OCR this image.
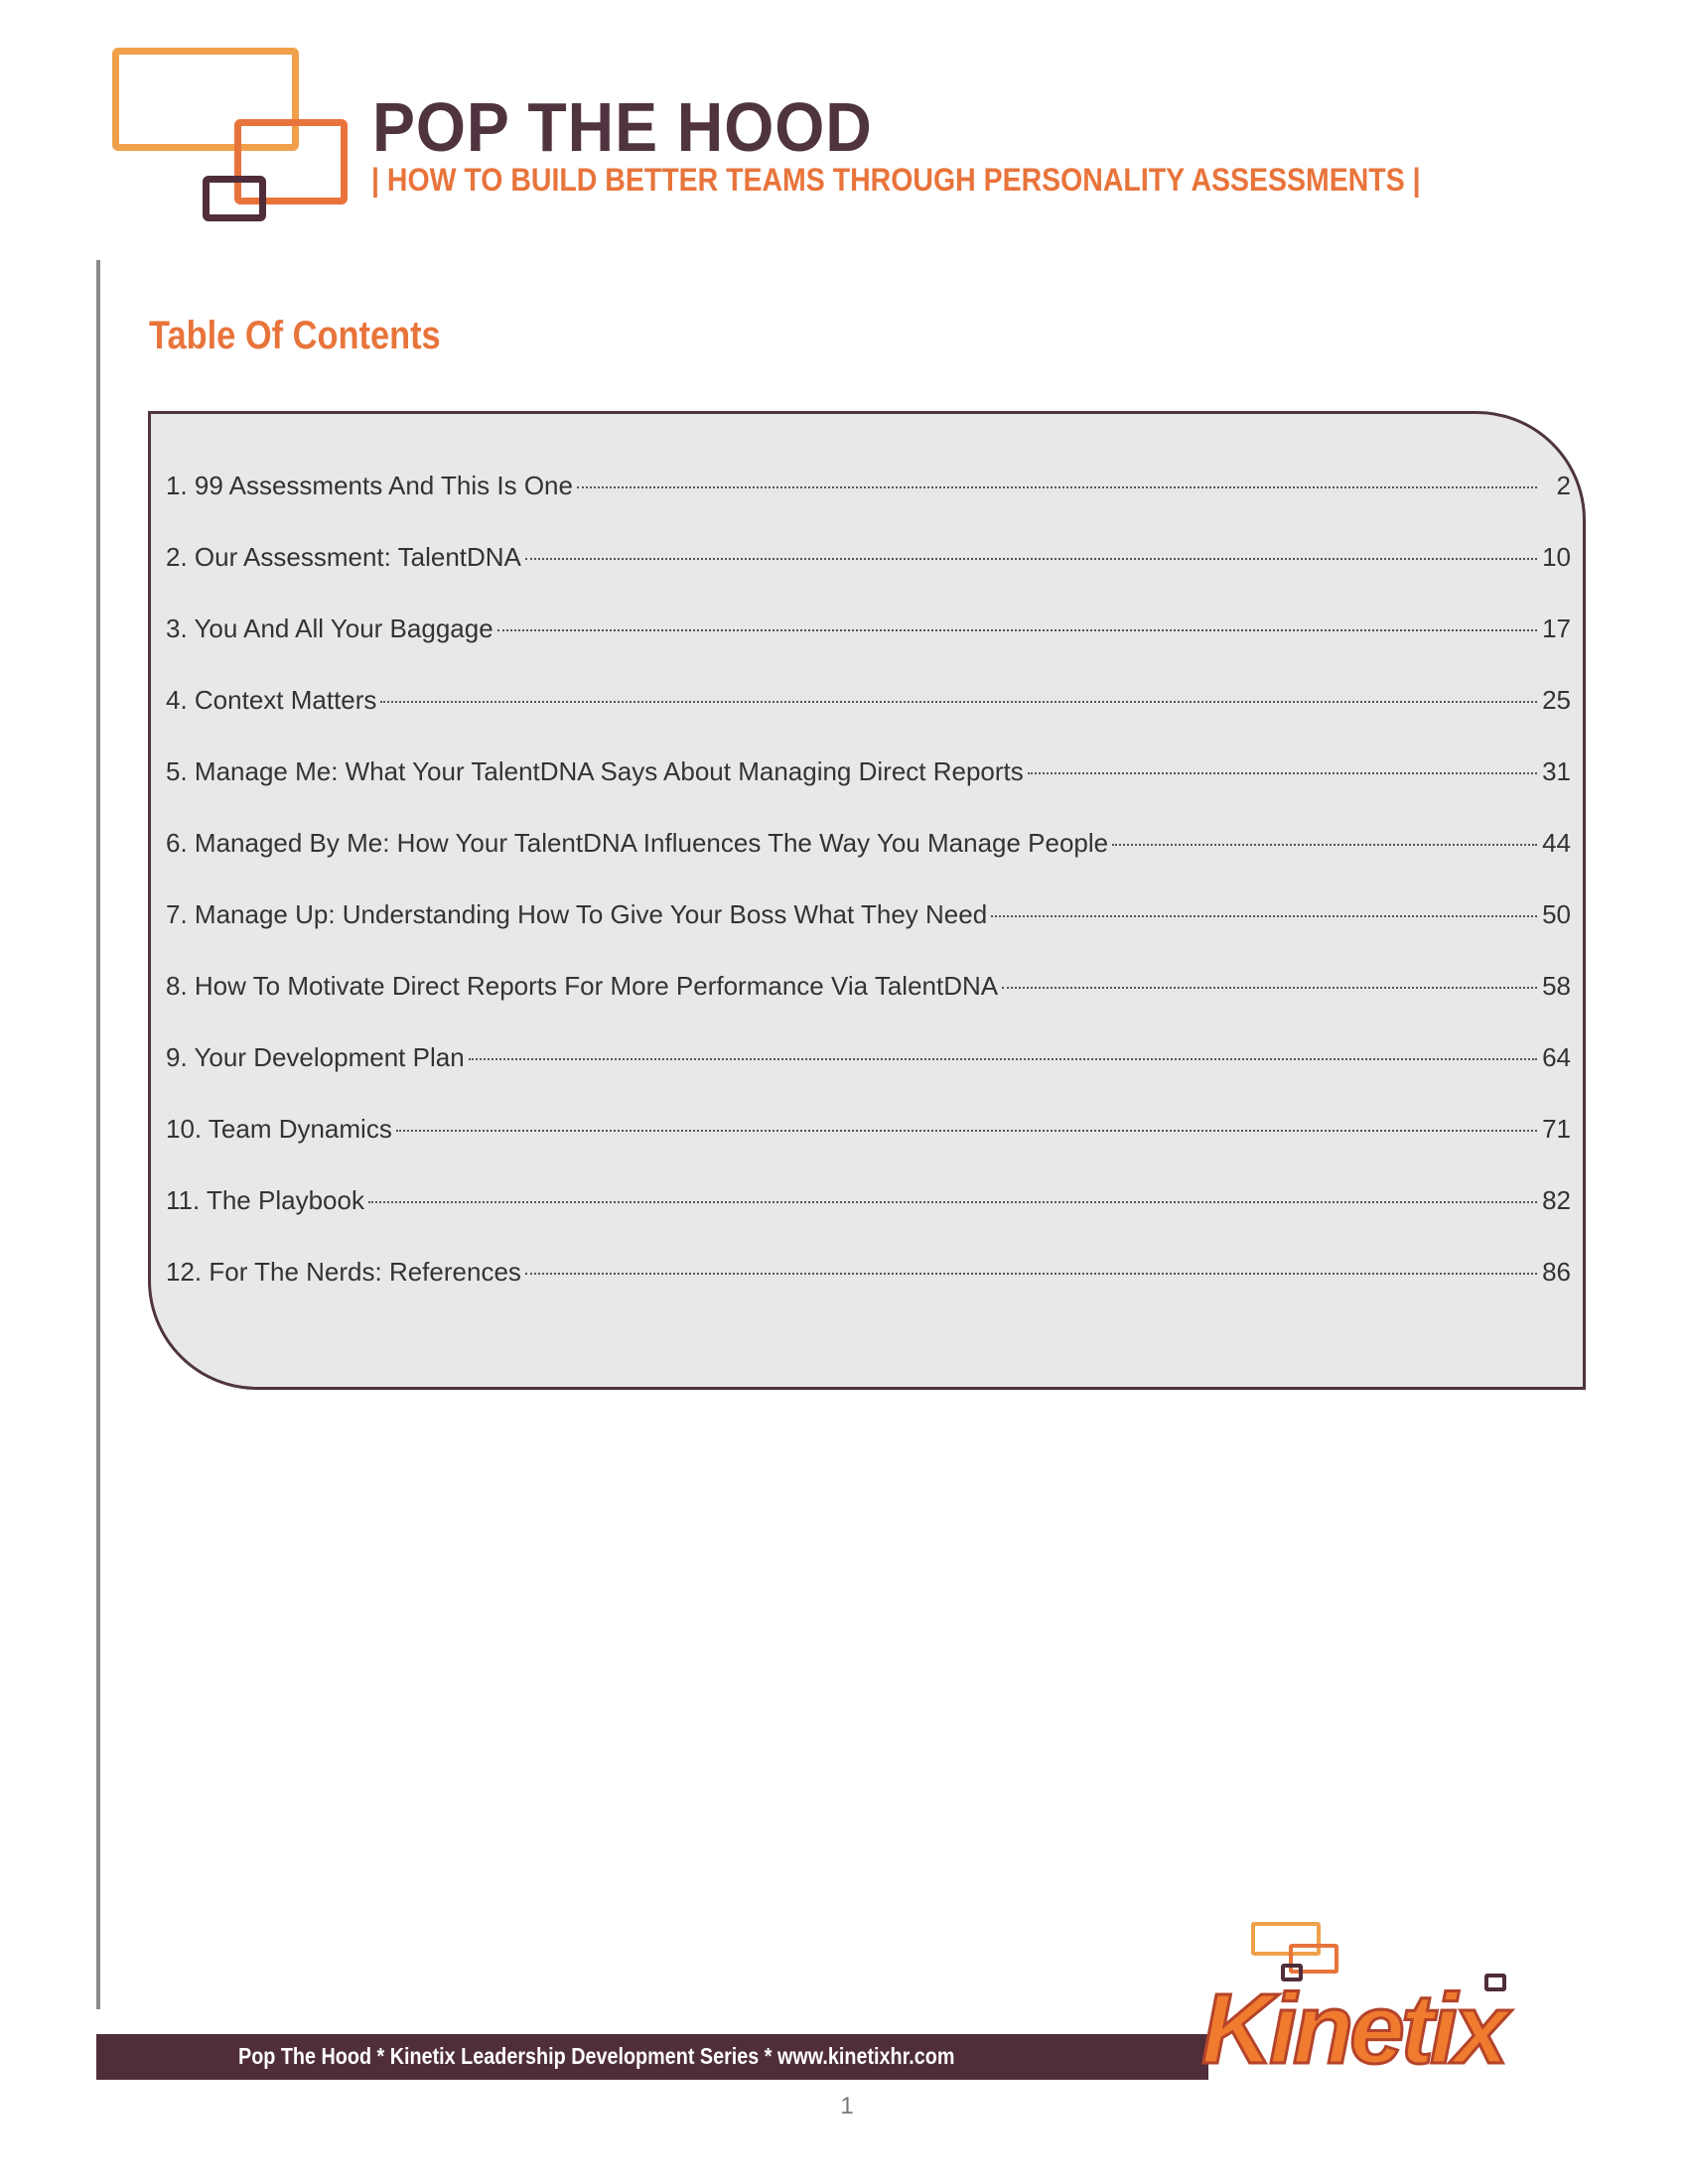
POP THE HOOD
| HOW TO BUILD BETTER TEAMS THROUGH PERSONALITY ASSESSMENTS |
Table Of Contents
1. 99 Assessments And This Is One	2
2. Our Assessment: TalentDNA	10
3. You And All Your Baggage	17
4. Context Matters	25
5. Manage Me: What Your TalentDNA Says About Managing Direct Reports	31
6. Managed By Me: How Your TalentDNA Influences The Way You Manage People	44
7. Manage Up: Understanding How To Give Your Boss What They Need	50
8. How To Motivate Direct Reports For More Performance Via TalentDNA	58
9. Your Development Plan	64
10. Team Dynamics	71
11. The Playbook	82
12. For The Nerds: References	86
Pop The Hood * Kinetix Leadership Development Series * www.kinetixhr.com
1
Kinetix
